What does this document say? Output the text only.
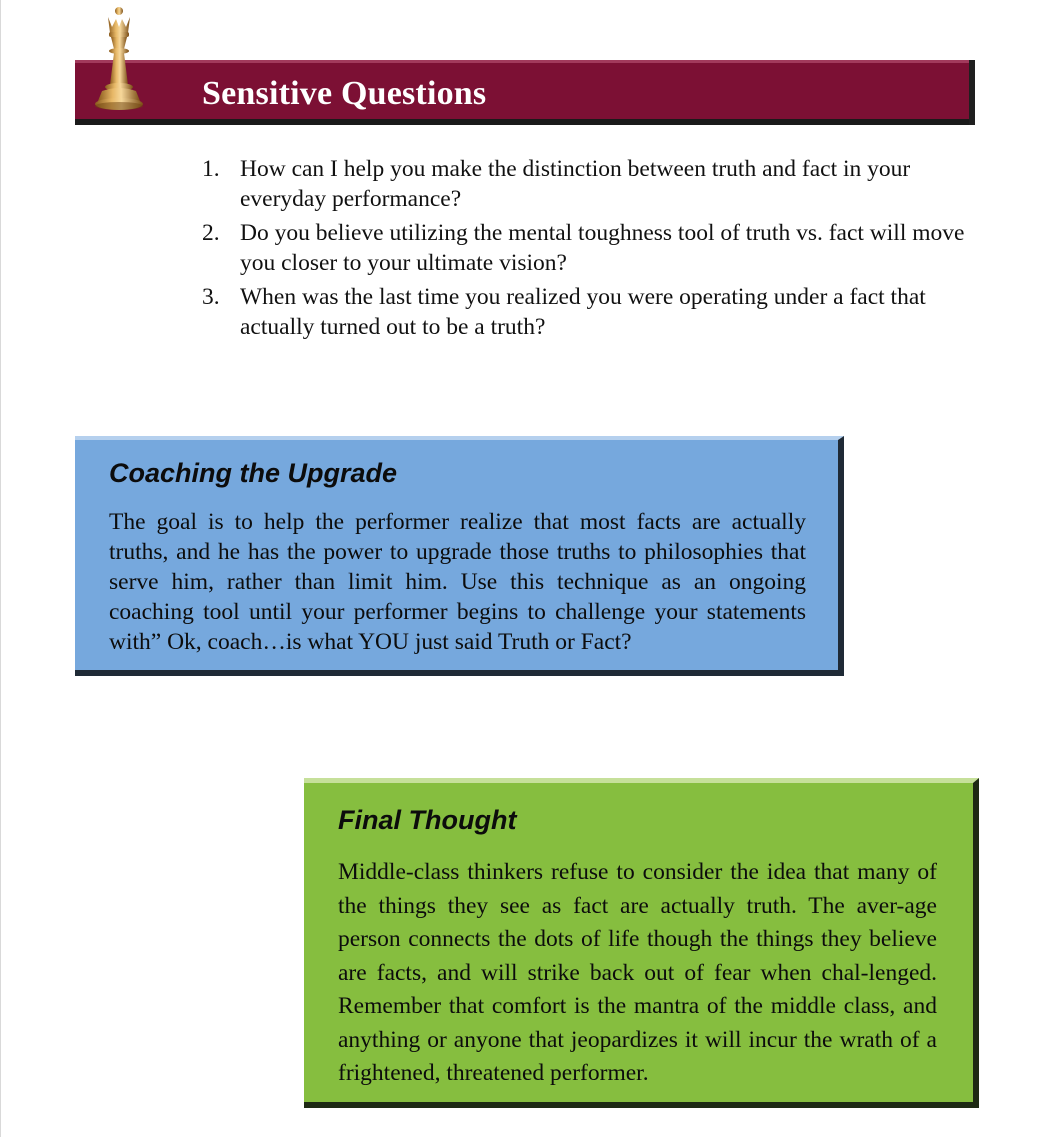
Sensitive Questions
1. How can I help you make the distinction between truth and fact in your everyday performance?
2. Do you believe utilizing the mental toughness tool of truth vs. fact will move you closer to your ultimate vision?
3. When was the last time you realized you were operating under a fact that actually turned out to be a truth?
Coaching the Upgrade
The goal is to help the performer realize that most facts are actually truths, and he has the power to upgrade those truths to philosophies that serve him, rather than limit him. Use this technique as an ongoing coaching tool until your performer begins to challenge your statements with” Ok, coach…is what YOU just said Truth or Fact?
Final Thought
Middle-class thinkers refuse to consider the idea that many of the things they see as fact are actually truth. The aver-age person connects the dots of life though the things they believe are facts, and will strike back out of fear when chal-lenged. Remember that comfort is the mantra of the middle class, and anything or anyone that jeopardizes it will incur the wrath of a frightened, threatened performer.
